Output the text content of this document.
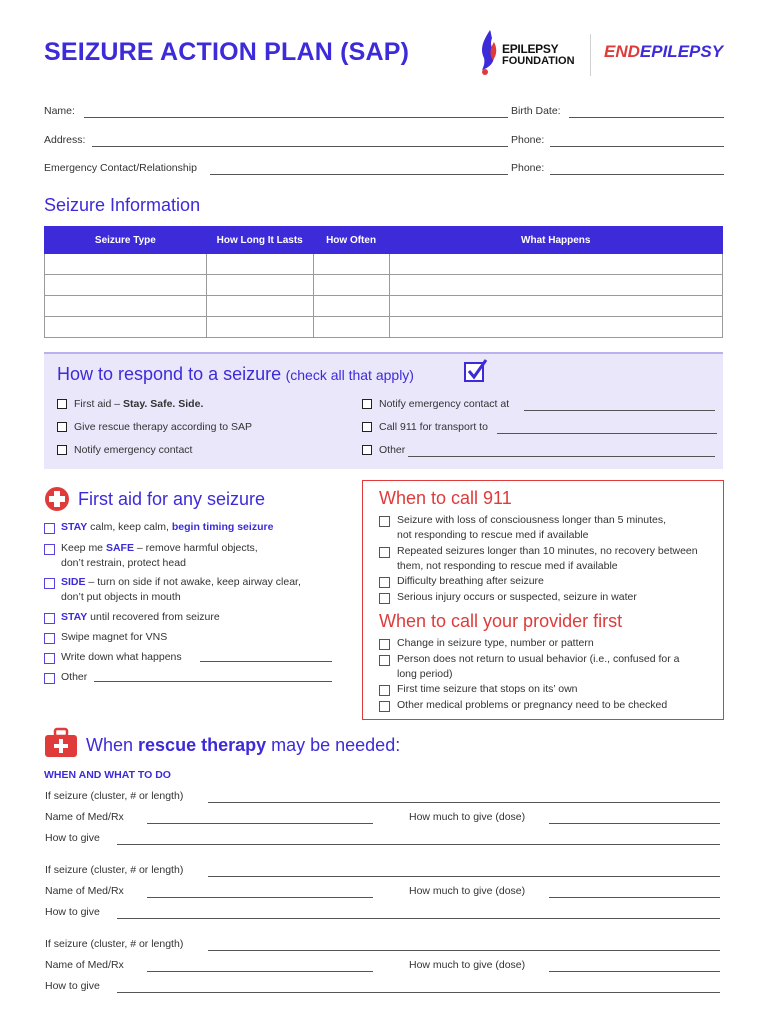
SEIZURE ACTION PLAN (SAP)	EPILEPSY
FOUNDATION ENDEPILEPSY
Name:	Birth Date:
Address:	Phone:
Emergency Contact/Relationship	Phone:
Seizure Information
Seizure Type	How Long It Lasts	How Often	What Happens

How to respond to a seizure (check all that apply)
First aid – Stay. Safe. Side.
Give rescue therapy according to SAP
Notify emergency contact
Notify emergency contact at
Call 911 for transport to
Other
First aid for any seizure
STAY calm, keep calm, begin timing seizure
Keep me SAFE – remove harmful objects,
don’t restrain, protect head
SIDE – turn on side if not awake, keep airway clear,
don’t put objects in mouth
STAY until recovered from seizure
Swipe magnet for VNS
Write down what happens
Other
When to call 911
Seizure with loss of consciousness longer than 5 minutes,
not responding to rescue med if available
Repeated seizures longer than 10 minutes, no recovery between
them, not responding to rescue med if available
Difficulty breathing after seizure
Serious injury occurs or suspected, seizure in water
When to call your provider first
Change in seizure type, number or pattern
Person does not return to usual behavior (i.e., confused for a
long period)
First time seizure that stops on its’ own
Other medical problems or pregnancy need to be checked
When rescue therapy may be needed:
WHEN AND WHAT TO DO
If seizure (cluster, # or length)
Name of Med/Rx	How much to give (dose)
How to give
If seizure (cluster, # or length)
Name of Med/Rx	How much to give (dose)
How to give
If seizure (cluster, # or length)
Name of Med/Rx	How much to give (dose)
How to give
